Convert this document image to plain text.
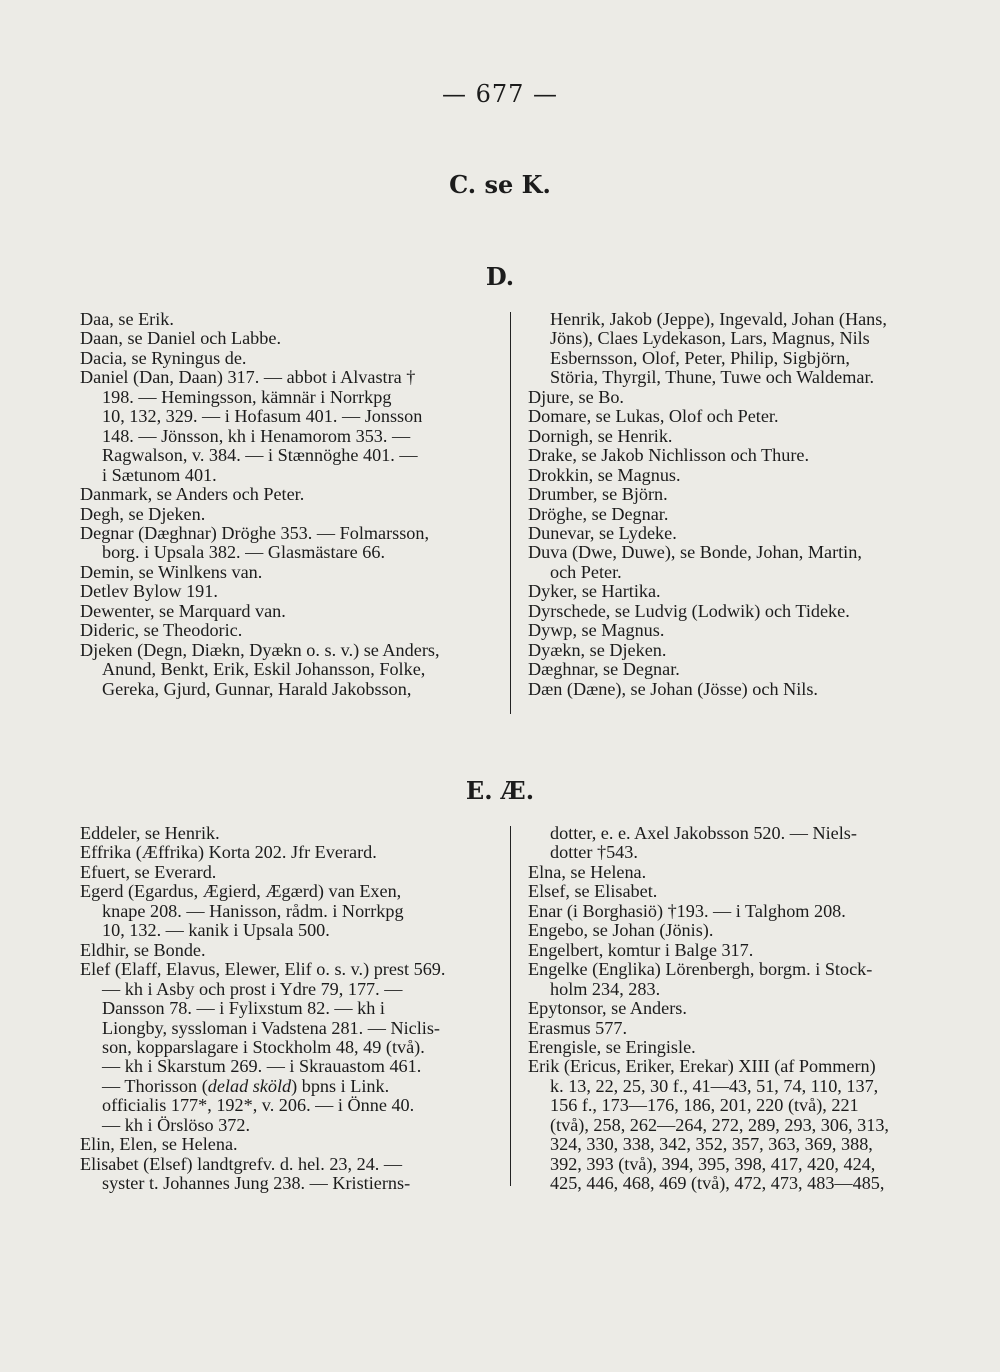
— 677 —
C. se K.
D.
Daa, se Erik.
Daan, se Daniel och Labbe.
Dacia, se Ryningus de.
Daniel (Dan, Daan) 317. — abbot i Alvastra †
198. — Hemingsson, kämnär i Norrkpg
10, 132, 329. — i Hofasum 401. — Jonsson
148. — Jönsson, kh i Henamorom 353. —
Ragwalson, v. 384. — i Stænnöghe 401. —
i Sætunom 401.
Danmark, se Anders och Peter.
Degh, se Djeken.
Degnar (Dæghnar) Dröghe 353. — Folmarsson,
borg. i Upsala 382. — Glasmästare 66.
Demin, se Winlkens van.
Detlev Bylow 191.
Dewenter, se Marquard van.
Dideric, se Theodoric.
Djeken (Degn, Diækn, Dyækn o. s. v.) se Anders,
Anund, Benkt, Erik, Eskil Johansson, Folke,
Gereka, Gjurd, Gunnar, Harald Jakobsson,
Henrik, Jakob (Jeppe), Ingevald, Johan (Hans,
Jöns), Claes Lydekason, Lars, Magnus, Nils
Esbernsson, Olof, Peter, Philip, Sigbjörn,
Störia, Thyrgil, Thune, Tuwe och Waldemar.
Djure, se Bo.
Domare, se Lukas, Olof och Peter.
Dornigh, se Henrik.
Drake, se Jakob Nichlisson och Thure.
Drokkin, se Magnus.
Drumber, se Björn.
Dröghe, se Degnar.
Dunevar, se Lydeke.
Duva (Dwe, Duwe), se Bonde, Johan, Martin,
och Peter.
Dyker, se Hartika.
Dyrschede, se Ludvig (Lodwik) och Tideke.
Dywp, se Magnus.
Dyækn, se Djeken.
Dæghnar, se Degnar.
Dæn (Dæne), se Johan (Jösse) och Nils.
E. Æ.
Eddeler, se Henrik.
Effrika (Æffrika) Korta 202. Jfr Everard.
Efuert, se Everard.
Egerd (Egardus, Ægierd, Ægærd) van Exen,
knape 208. — Hanisson, rådm. i Norrkpg
10, 132. — kanik i Upsala 500.
Eldhir, se Bonde.
Elef (Elaff, Elavus, Elewer, Elif o. s. v.) prest 569.
— kh i Asby och prost i Ydre 79, 177. —
Dansson 78. — i Fylixstum 82. — kh i
Liongby, syssloman i Vadstena 281. — Niclis-
son, kopparslagare i Stockholm 48, 49 (två).
— kh i Skarstum 269. — i Skrauastom 461.
— Thorisson (delad sköld) bpns i Link.
officialis 177*, 192*, v. 206. — i Önne 40.
— kh i Örslöso 372.
Elin, Elen, se Helena.
Elisabet (Elsef) landtgrefv. d. hel. 23, 24. —
syster t. Johannes Jung 238. — Kristierns-
dotter, e. e. Axel Jakobsson 520. — Niels-
dotter †543.
Elna, se Helena.
Elsef, se Elisabet.
Enar (i Borghasiö) †193. — i Talghom 208.
Engebo, se Johan (Jönis).
Engelbert, komtur i Balge 317.
Engelke (Englika) Lörenbergh, borgm. i Stock-
holm 234, 283.
Epytonsor, se Anders.
Erasmus 577.
Erengisle, se Eringisle.
Erik (Ericus, Eriker, Erekar) XIII (af Pommern)
k. 13, 22, 25, 30 f., 41—43, 51, 74, 110, 137,
156 f., 173—176, 186, 201, 220 (två), 221
(två), 258, 262—264, 272, 289, 293, 306, 313,
324, 330, 338, 342, 352, 357, 363, 369, 388,
392, 393 (två), 394, 395, 398, 417, 420, 424,
425, 446, 468, 469 (två), 472, 473, 483—485,
